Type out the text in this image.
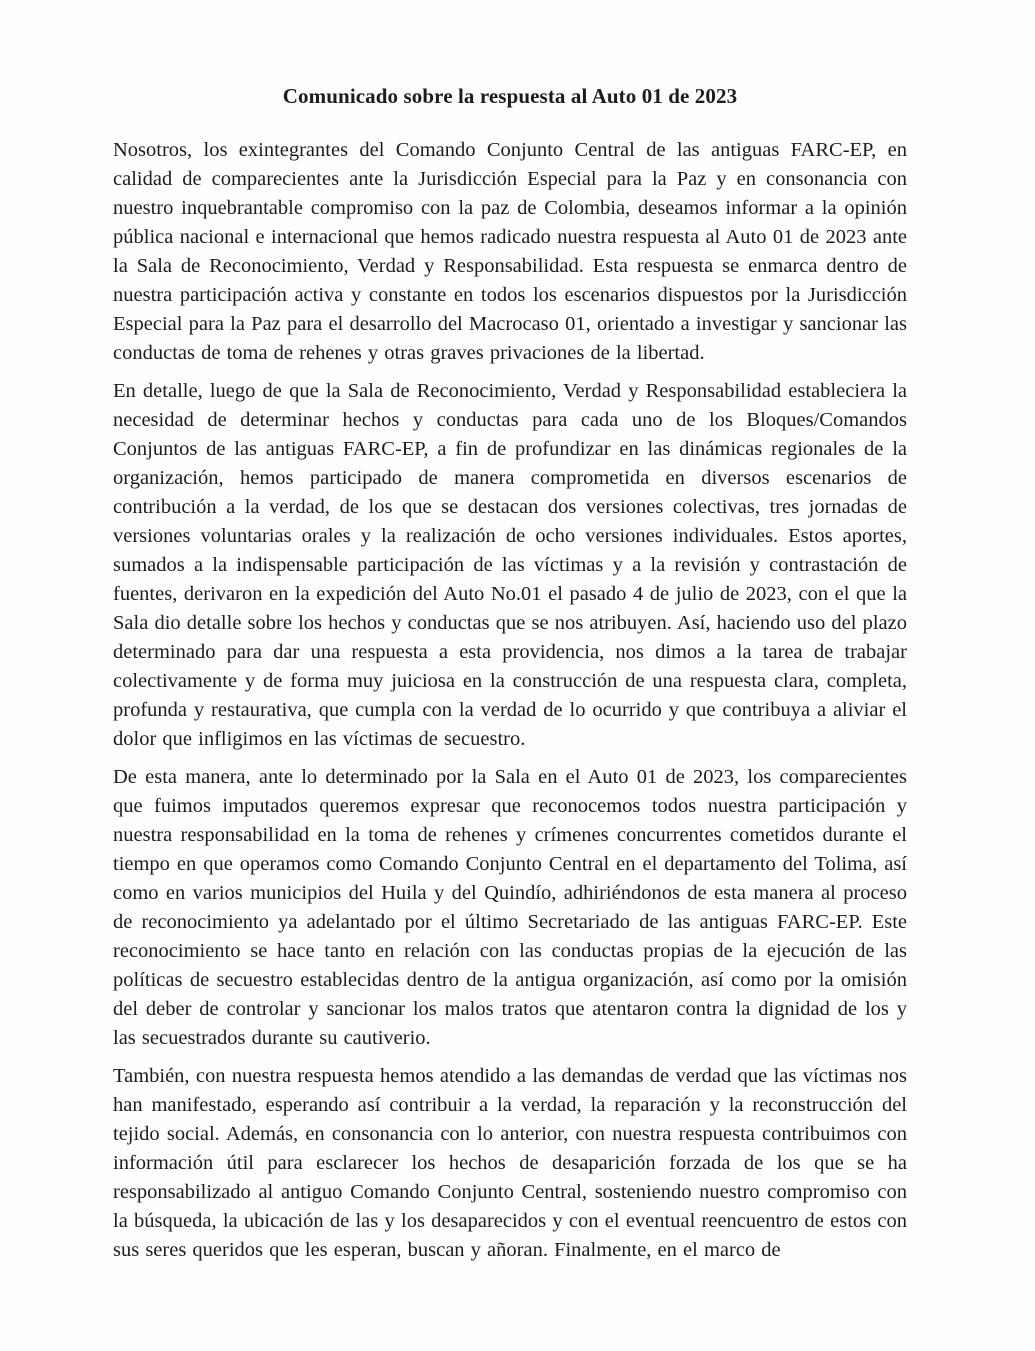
Comunicado sobre la respuesta al Auto 01 de 2023

Nosotros, los exintegrantes del Comando Conjunto Central de las antiguas FARC-EP, en calidad de comparecientes ante la Jurisdicción Especial para la Paz y en consonancia con nuestro inquebrantable compromiso con la paz de Colombia, deseamos informar a la opinión pública nacional e internacional que hemos radicado nuestra respuesta al Auto 01 de 2023 ante la Sala de Reconocimiento, Verdad y Responsabilidad. Esta respuesta se enmarca dentro de nuestra participación activa y constante en todos los escenarios dispuestos por la Jurisdicción Especial para la Paz para el desarrollo del Macrocaso 01, orientado a investigar y sancionar las conductas de toma de rehenes y otras graves privaciones de la libertad.

En detalle, luego de que la Sala de Reconocimiento, Verdad y Responsabilidad estableciera la necesidad de determinar hechos y conductas para cada uno de los Bloques/Comandos Conjuntos de las antiguas FARC-EP, a fin de profundizar en las dinámicas regionales de la organización, hemos participado de manera comprometida en diversos escenarios de contribución a la verdad, de los que se destacan dos versiones colectivas, tres jornadas de versiones voluntarias orales y la realización de ocho versiones individuales. Estos aportes, sumados a la indispensable participación de las víctimas y a la revisión y contrastación de fuentes, derivaron en la expedición del Auto No.01 el pasado 4 de julio de 2023, con el que la Sala dio detalle sobre los hechos y conductas que se nos atribuyen. Así, haciendo uso del plazo determinado para dar una respuesta a esta providencia, nos dimos a la tarea de trabajar colectivamente y de forma muy juiciosa en la construcción de una respuesta clara, completa, profunda y restaurativa, que cumpla con la verdad de lo ocurrido y que contribuya a aliviar el dolor que infligimos en las víctimas de secuestro.

De esta manera, ante lo determinado por la Sala en el Auto 01 de 2023, los comparecientes que fuimos imputados queremos expresar que reconocemos todos nuestra participación y nuestra responsabilidad en la toma de rehenes y crímenes concurrentes cometidos durante el tiempo en que operamos como Comando Conjunto Central en el departamento del Tolima, así como en varios municipios del Huila y del Quindío, adhiriéndonos de esta manera al proceso de reconocimiento ya adelantado por el último Secretariado de las antiguas FARC-EP. Este reconocimiento se hace tanto en relación con las conductas propias de la ejecución de las políticas de secuestro establecidas dentro de la antigua organización, así como por la omisión del deber de controlar y sancionar los malos tratos que atentaron contra la dignidad de los y las secuestrados durante su cautiverio.

También, con nuestra respuesta hemos atendido a las demandas de verdad que las víctimas nos han manifestado, esperando así contribuir a la verdad, la reparación y la reconstrucción del tejido social. Además, en consonancia con lo anterior, con nuestra respuesta contribuimos con información útil para esclarecer los hechos de desaparición forzada de los que se ha responsabilizado al antiguo Comando Conjunto Central, sosteniendo nuestro compromiso con la búsqueda, la ubicación de las y los desaparecidos y con el eventual reencuentro de estos con sus seres queridos que les esperan, buscan y añoran. Finalmente, en el marco de
